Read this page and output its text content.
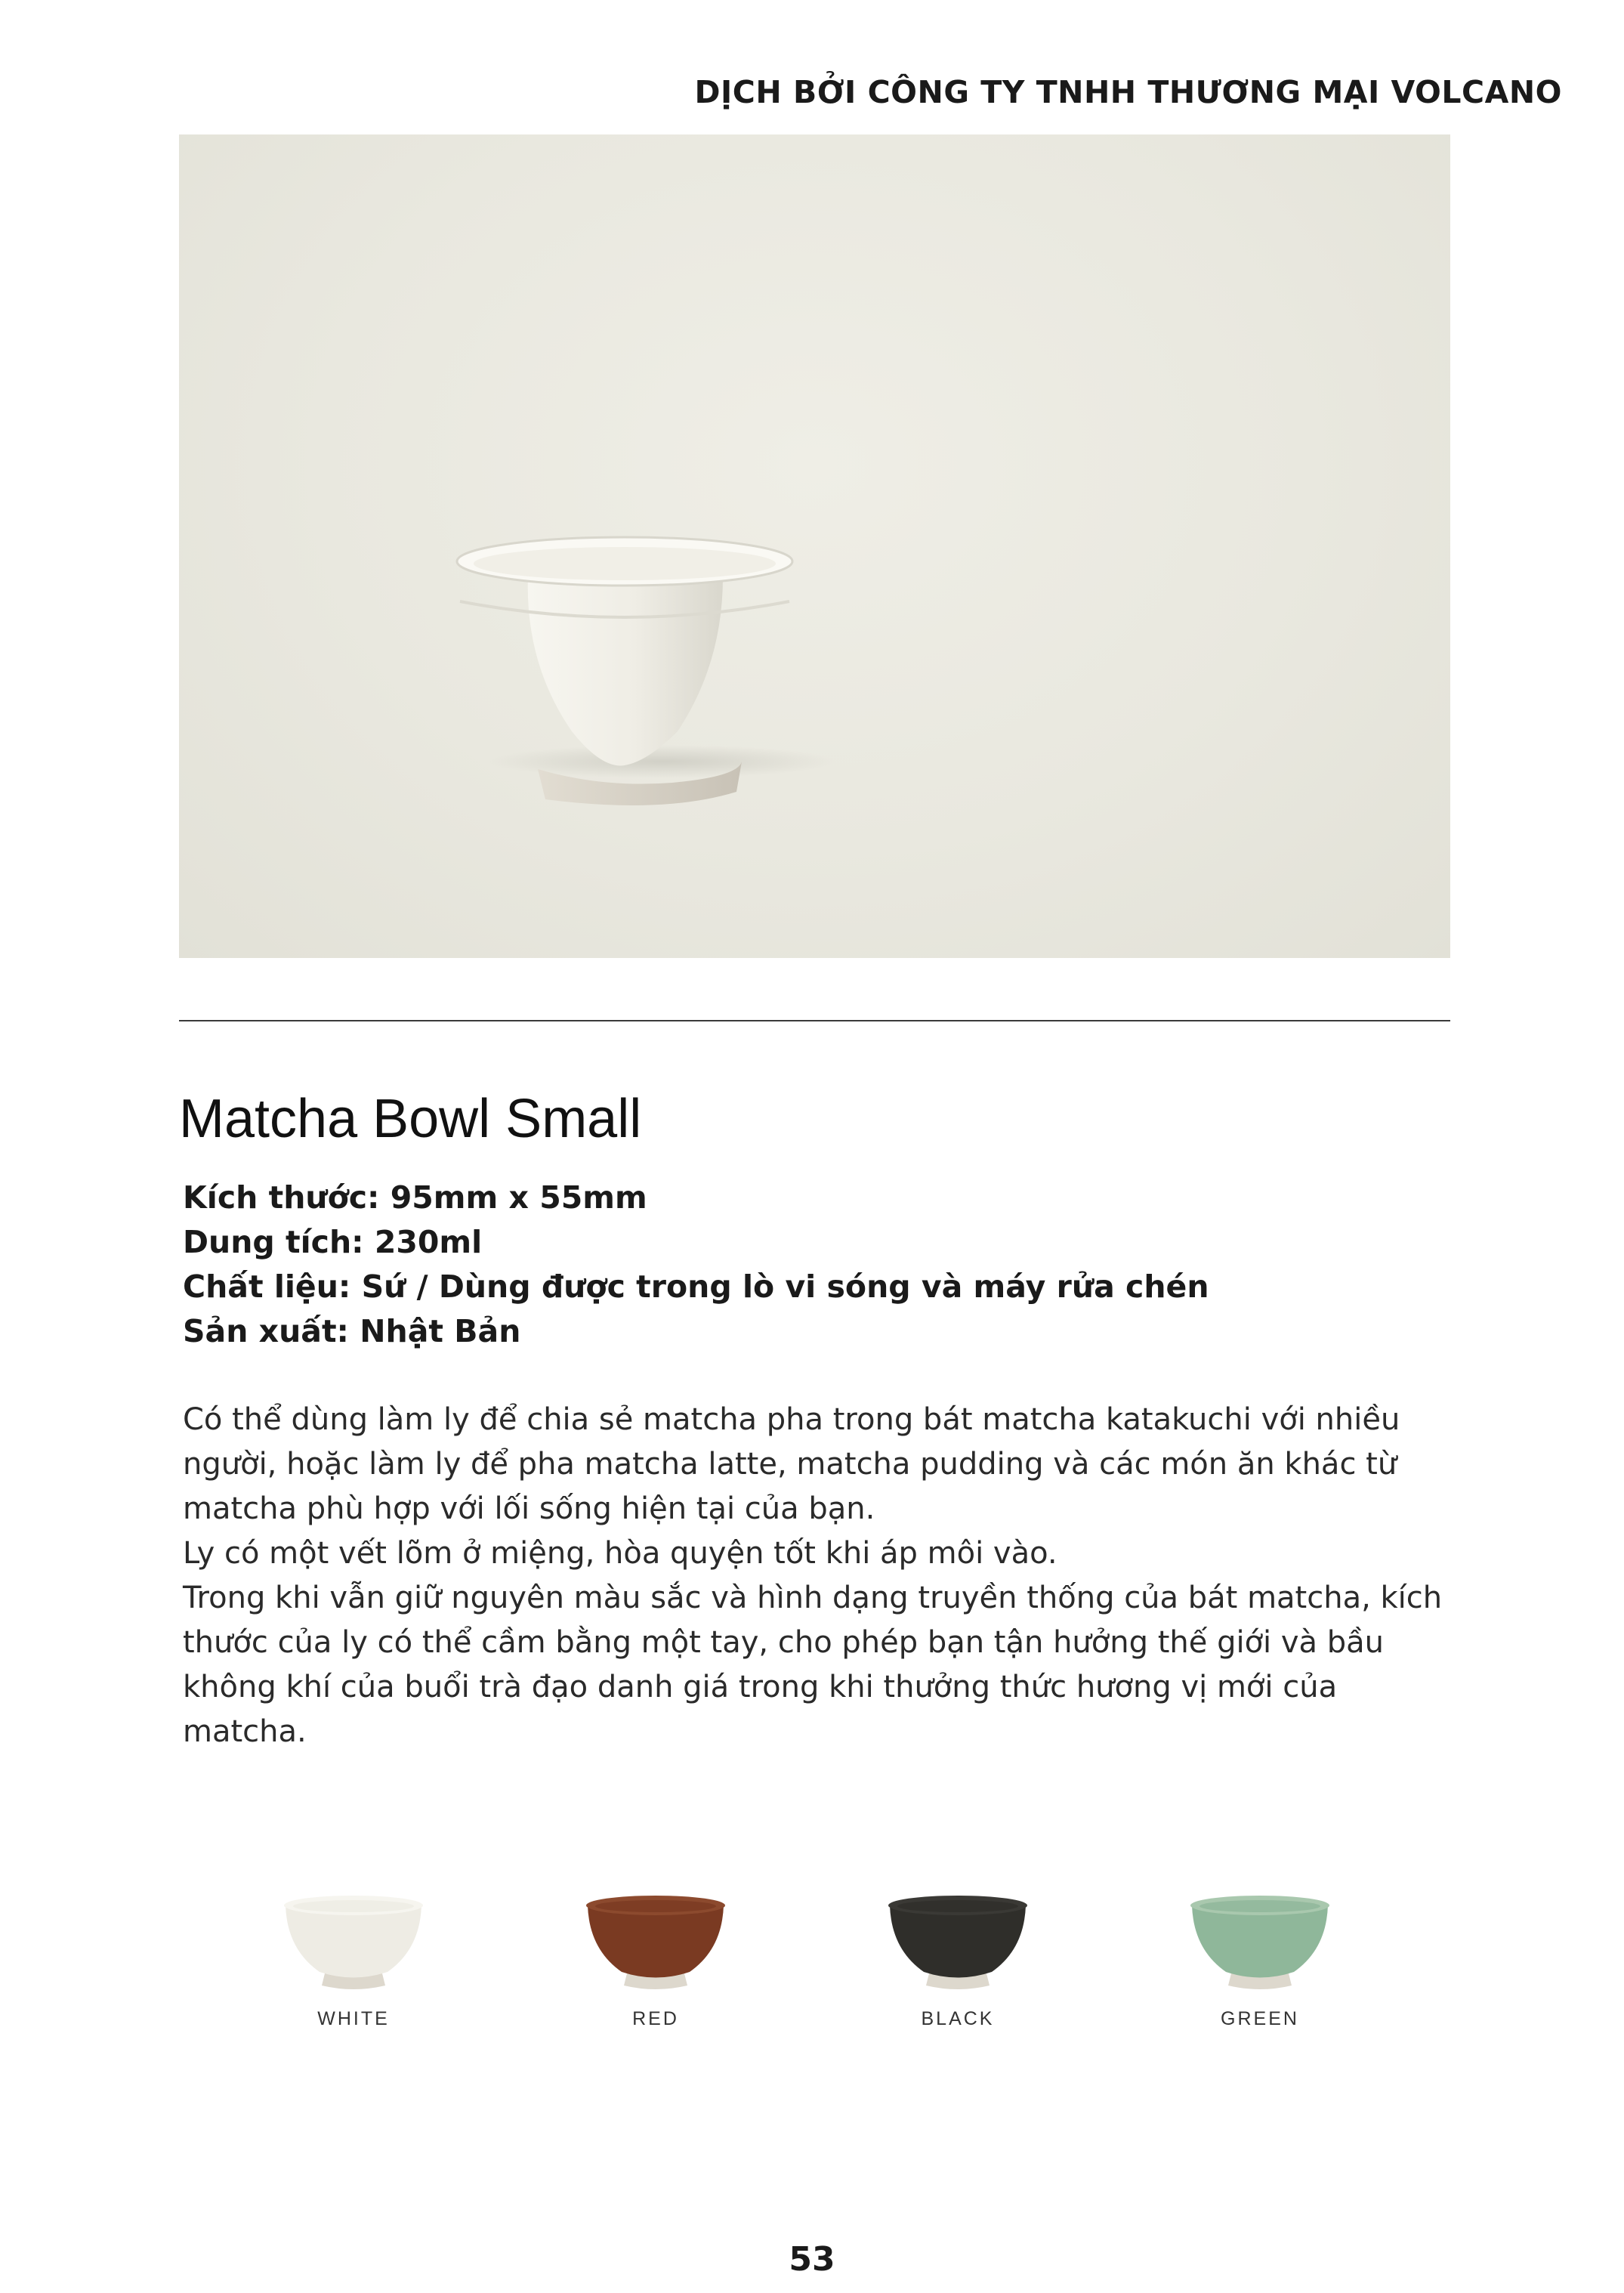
DỊCH BỞI CÔNG TY TNHH THƯƠNG MẠI VOLCANO
Matcha Bowl Small
Kích thước: 95mm x 55mm
Dung tích: 230ml
Chất liệu: Sứ / Dùng được trong lò vi sóng và máy rửa chén
Sản xuất: Nhật Bản

Có thể dùng làm ly để chia sẻ matcha pha trong bát matcha katakuchi với nhiều người, hoặc làm ly để pha matcha latte, matcha pudding và các món ăn khác từ matcha phù hợp với lối sống hiện tại của bạn.

Ly có một vết lõm ở miệng, hòa quyện tốt khi áp môi vào.

Trong khi vẫn giữ nguyên màu sắc và hình dạng truyền thống của bát matcha, kích thước của ly có thể cầm bằng một tay, cho phép bạn tận hưởng thế giới và bầu không khí của buổi trà đạo danh giá trong khi thưởng thức hương vị mới của matcha.

WHITE	RED	BLACK	GREEN
53
